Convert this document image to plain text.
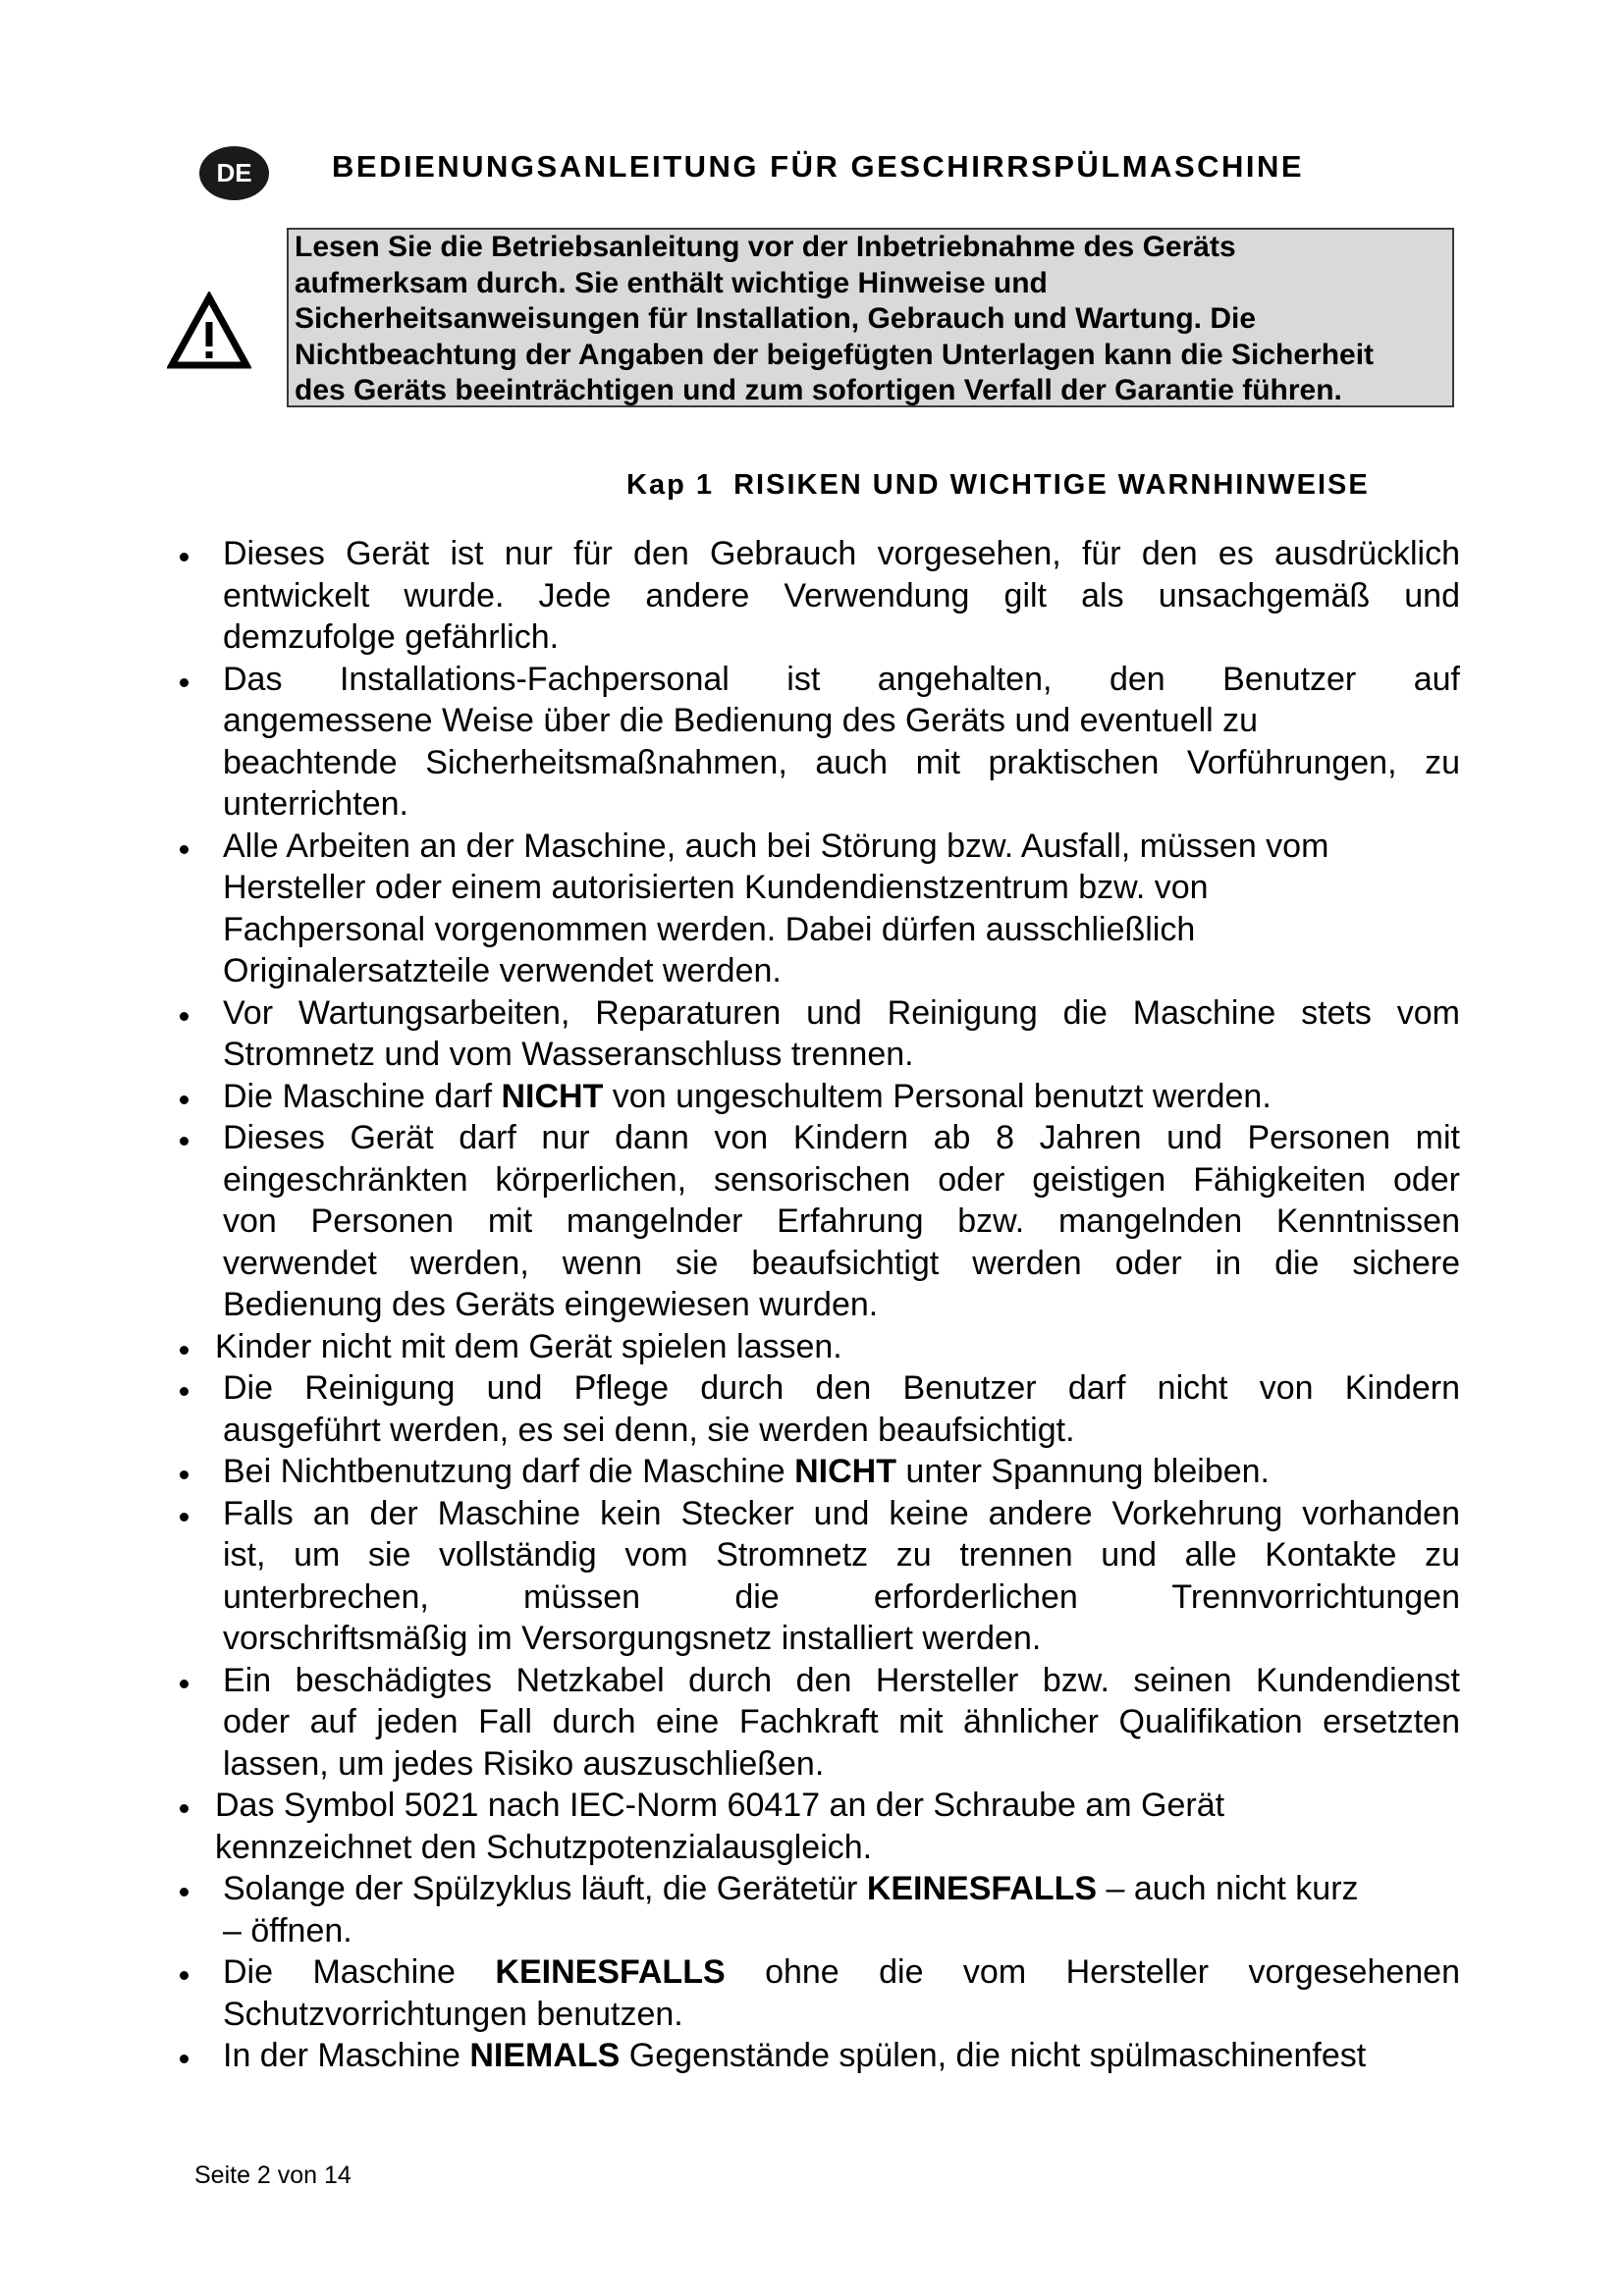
DE	BEDIENUNGSANLEITUNG FÜR GESCHIRRSPÜLMASCHINE

Lesen Sie die Betriebsanleitung vor der Inbetriebnahme des Geräts

aufmerksam durch. Sie enthält wichtige Hinweise und

Sicherheitsanweisungen für Installation, Gebrauch und Wartung. Die

Nichtbeachtung der Angaben der beigefügten Unterlagen kann die Sicherheit

des Geräts beeinträchtigen und zum sofortigen Verfall der Garantie führen.

Kap 1 RISIKEN UND WICHTIGE WARNHINWEISE
Dieses Gerät ist nur für den Gebrauch vorgesehen, für den es ausdrücklich
entwickelt wurde. Jede andere Verwendung gilt als unsachgemäß und
demzufolge gefährlich.
Das Installations-Fachpersonal ist angehalten, den Benutzer auf
angemessene Weise über die Bedienung des Geräts und eventuell zu
beachtende Sicherheitsmaßnahmen, auch mit praktischen Vorführungen, zu
unterrichten.
Alle Arbeiten an der Maschine, auch bei Störung bzw. Ausfall, müssen vom
Hersteller oder einem autorisierten Kundendienstzentrum bzw. von
Fachpersonal vorgenommen werden. Dabei dürfen ausschließlich
Originalersatzteile verwendet werden.
Vor Wartungsarbeiten, Reparaturen und Reinigung die Maschine stets vom
Stromnetz und vom Wasseranschluss trennen.
Die Maschine darf NICHT von ungeschultem Personal benutzt werden.
Dieses Gerät darf nur dann von Kindern ab 8 Jahren und Personen mit
eingeschränkten körperlichen, sensorischen oder geistigen Fähigkeiten oder
von Personen mit mangelnder Erfahrung bzw. mangelnden Kenntnissen
verwendet werden, wenn sie beaufsichtigt werden oder in die sichere
Bedienung des Geräts eingewiesen wurden.
Kinder nicht mit dem Gerät spielen lassen.
Die Reinigung und Pflege durch den Benutzer darf nicht von Kindern
ausgeführt werden, es sei denn, sie werden beaufsichtigt.
Bei Nichtbenutzung darf die Maschine NICHT unter Spannung bleiben.
Falls an der Maschine kein Stecker und keine andere Vorkehrung vorhanden
ist, um sie vollständig vom Stromnetz zu trennen und alle Kontakte zu
unterbrechen, müssen die erforderlichen Trennvorrichtungen
vorschriftsmäßig im Versorgungsnetz installiert werden.
Ein beschädigtes Netzkabel durch den Hersteller bzw. seinen Kundendienst
oder auf jeden Fall durch eine Fachkraft mit ähnlicher Qualifikation ersetzten
lassen, um jedes Risiko auszuschließen.
Das Symbol 5021 nach IEC-Norm 60417 an der Schraube am Gerät
kennzeichnet den Schutzpotenzialausgleich.
Solange der Spülzyklus läuft, die Gerätetür KEINESFALLS – auch nicht kurz
– öffnen.
Die Maschine KEINESFALLS ohne die vom Hersteller vorgesehenen
Schutzvorrichtungen benutzen.
In der Maschine NIEMALS Gegenstände spülen, die nicht spülmaschinenfest

Seite 2 von 14
